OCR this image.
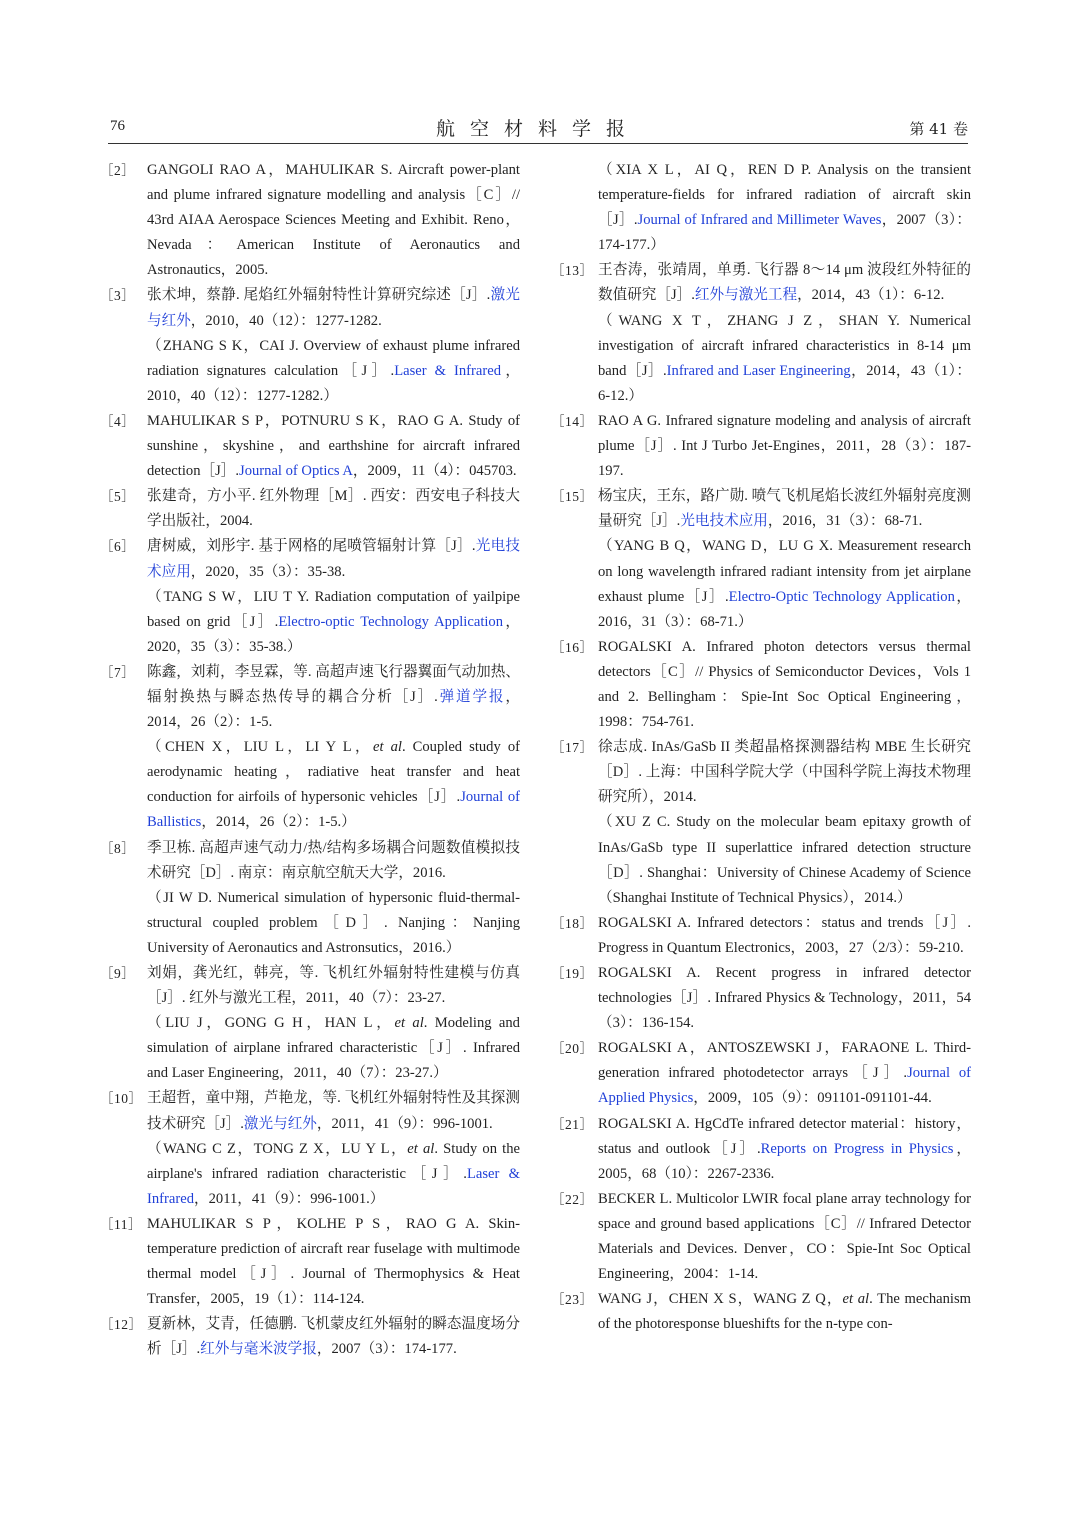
76	航空材料学报	第 41 卷
［2］ GANGOLI RAO A，MAHULIKAR S. Aircraft power-plant and plume infrared signature modelling and analysis［C］// 43rd AIAA Aerospace Sciences Meeting and Exhibit. Reno，Nevada：American Institute of Aeronautics and Astronautics，2005.
［3］ 张术坤，蔡静. 尾焰红外辐射特性计算研究综述［J］.激光与红外，2010，40（12）：1277-1282.
（ZHANG S K，CAI J. Overview of exhaust plume infrared radiation signatures calculation［J］.Laser & Infrared，2010，40（12）：1277-1282.）
［4］ MAHULIKAR S P，POTNURU S K，RAO G A. Study of sunshine，skyshine，and earthshine for aircraft infrared detection［J］.Journal of Optics A，2009，11（4）：045703.
［5］ 张建奇，方小平. 红外物理［M］. 西安：西安电子科技大学出版社，2004.
［6］ 唐树威，刘彤宇. 基于网格的尾喷管辐射计算［J］.光电技术应用，2020，35（3）：35-38.
（TANG S W，LIU T Y. Radiation computation of yailpipe based on grid［J］.Electro-optic Technology Application，2020，35（3）：35-38.）
［7］ 陈鑫，刘莉，李昱霖，等. 高超声速飞行器翼面气动加热、辐射换热与瞬态热传导的耦合分析［J］.弹道学报，2014，26（2）：1-5.
（CHEN X，LIU L，LI Y L，et al. Coupled study of aerodynamic heating，radiative heat transfer and heat conduction for airfoils of hypersonic vehicles［J］.Journal of Ballistics，2014，26（2）：1-5.）
［8］ 季卫栋. 高超声速气动力/热/结构多场耦合问题数值模拟技术研究［D］. 南京：南京航空航天大学，2016.
（JI W D. Numerical simulation of hypersonic fluid-thermal-structural coupled problem［D］. Nanjing：Nanjing University of Aeronautics and Astronsutics，2016.）
［9］ 刘娟，龚光红，韩亮，等. 飞机红外辐射特性建模与仿真［J］. 红外与激光工程，2011，40（7）：23-27.
（LIU J，GONG G H，HAN L，et al. Modeling and simulation of airplane infrared characteristic［J］. Infrared and Laser Engineering，2011，40（7）：23-27.）
［10］ 王超哲，童中翔，芦艳龙，等. 飞机红外辐射特性及其探测技术研究［J］.激光与红外，2011，41（9）：996-1001.
（WANG C Z，TONG Z X，LU Y L，et al. Study on the airplane's infrared radiation characteristic［J］.Laser & Infrared，2011，41（9）：996-1001.）
［11］ MAHULIKAR S P，KOLHE P S，RAO G A. Skin-temperature prediction of aircraft rear fuselage with multimode thermal model［J］. Journal of Thermophysics & Heat Transfer，2005，19（1）：114-124.
［12］ 夏新林，艾青，任德鹏. 飞机蒙皮红外辐射的瞬态温度场分析［J］.红外与毫米波学报，2007（3）：174-177.
（XIA X L，AI Q，REN D P. Analysis on the transient temperature-fields for infrared radiation of aircraft skin［J］.Journal of Infrared and Millimeter Waves，2007（3）：174-177.）
［13］ 王杏涛，张靖周，单勇. 飞行器 8～14 μm 波段红外特征的数值研究［J］.红外与激光工程，2014，43（1）：6-12.
（WANG X T，ZHANG J Z，SHAN Y. Numerical investigation of aircraft infrared characteristics in 8-14 μm band［J］.Infrared and Laser Engineering，2014，43（1）：6-12.）
［14］ RAO A G. Infrared signature modeling and analysis of aircraft plume［J］. Int J Turbo Jet-Engines，2011，28（3）：187-197.
［15］ 杨宝庆，王东，路广勋. 喷气飞机尾焰长波红外辐射亮度测量研究［J］.光电技术应用，2016，31（3）：68-71.
（YANG B Q，WANG D，LU G X. Measurement research on long wavelength infrared radiant intensity from jet airplane exhaust plume［J］.Electro-Optic Technology Application，2016，31（3）：68-71.）
［16］ ROGALSKI A. Infrared photon detectors versus thermal detectors［C］// Physics of Semiconductor Devices，Vols 1 and 2. Bellingham：Spie-Int Soc Optical Engineering，1998：754-761.
［17］ 徐志成. InAs/GaSb II 类超晶格探测器结构 MBE 生长研究［D］. 上海：中国科学院大学（中国科学院上海技术物理研究所），2014.
（XU Z C. Study on the molecular beam epitaxy growth of InAs/GaSb type II superlattice infrared detection structure［D］. Shanghai：University of Chinese Academy of Science（Shanghai Institute of Technical Physics），2014.）
［18］ ROGALSKI A. Infrared detectors：status and trends［J］. Progress in Quantum Electronics，2003，27（2/3）：59-210.
［19］ ROGALSKI A. Recent progress in infrared detector technologies［J］. Infrared Physics & Technology，2011，54（3）：136-154.
［20］ ROGALSKI A，ANTOSZEWSKI J，FARAONE L. Third-generation infrared photodetector arrays［J］.Journal of Applied Physics，2009，105（9）：091101-091101-44.
［21］ ROGALSKI A. HgCdTe infrared detector material：history，status and outlook［J］.Reports on Progress in Physics，2005，68（10）：2267-2336.
［22］ BECKER L. Multicolor LWIR focal plane array technology for space and ground based applications［C］// Infrared Detector Materials and Devices. Denver，CO：Spie-Int Soc Optical Engineering，2004：1-14.
［23］ WANG J，CHEN X S，WANG Z Q，et al. The mechanism of the photoresponse blueshifts for the n-type con-
